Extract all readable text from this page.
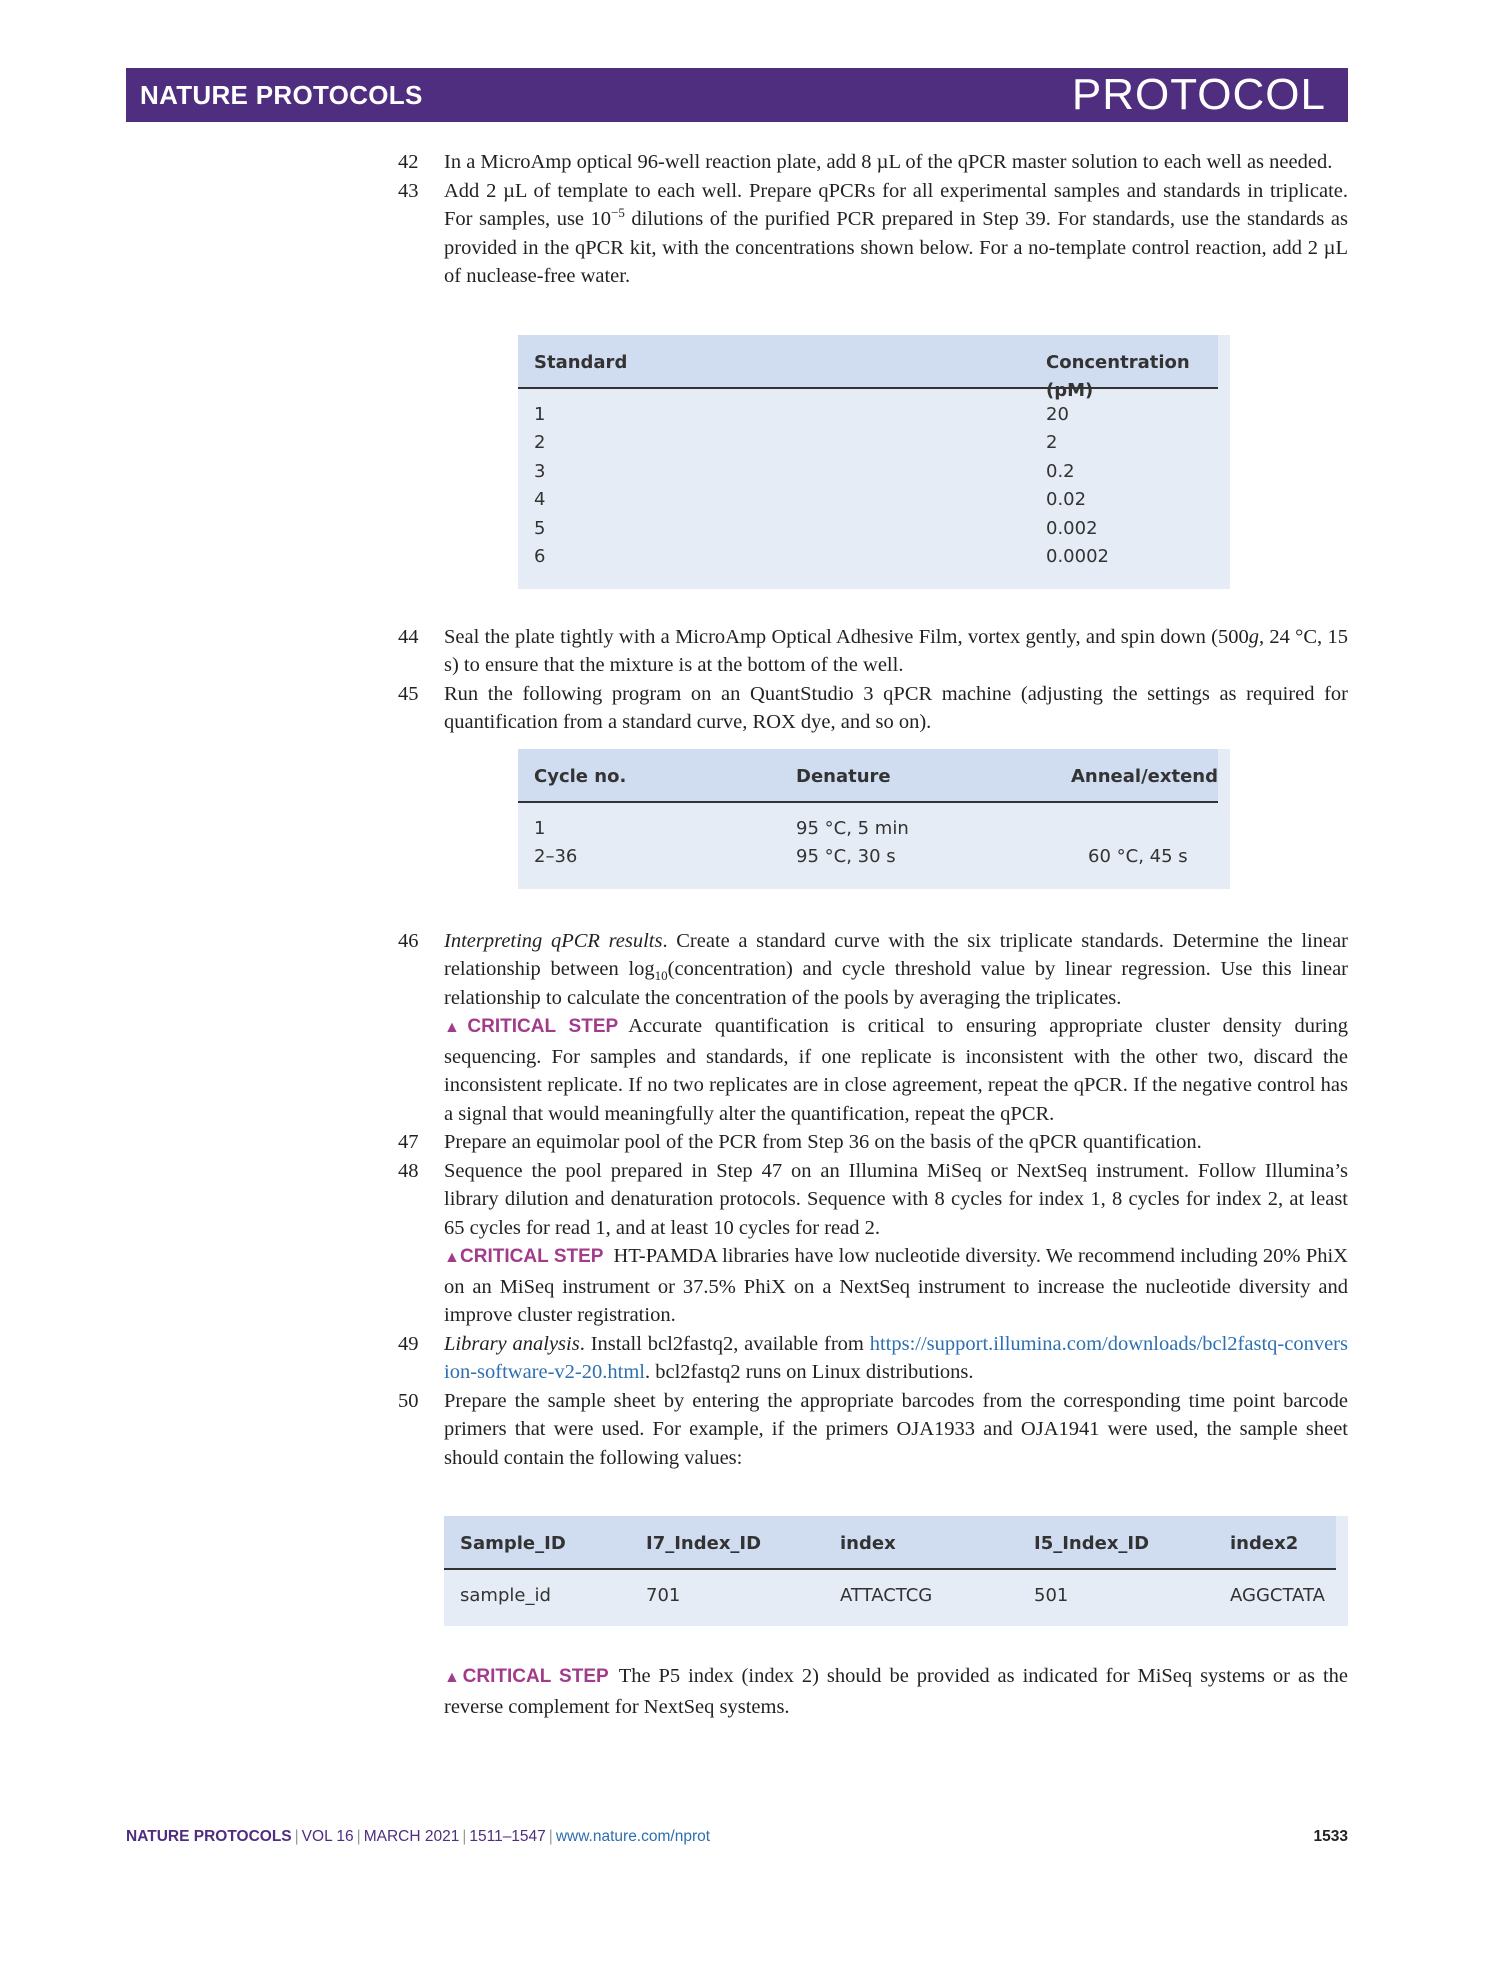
NATURE PROTOCOLS	PROTOCOL
42 In a MicroAmp optical 96-well reaction plate, add 8 µL of the qPCR master solution to each well as needed.

43 Add 2 µL of template to each well. Prepare qPCRs for all experimental samples and standards in triplicate. For samples, use $10^{-5}$ dilutions of the purified PCR prepared in Step 39. For standards, use the standards as provided in the qPCR kit, with the concentrations shown below. For a no-template control reaction, add 2 µL of nuclease-free water.

Standard	Concentration (pM)
1	20
2	2
3	0.2
4	0.02
5	0.002
6	0.0002
44 Seal the plate tightly with a MicroAmp Optical Adhesive Film, vortex gently, and spin down (500g, 24 °C, 15 s) to ensure that the mixture is at the bottom of the well.

45 Run the following program on an QuantStudio 3 qPCR machine (adjusting the settings as required for quantification from a standard curve, ROX dye, and so on).

Cycle no.	Denature	Anneal/extend
1	95 °C, 5 min
2–36	95 °C, 30 s	60 °C, 45 s
46 Interpreting qPCR results. Create a standard curve with the six triplicate standards. Determine the linear relationship between $\log_{10}(concentration)$ and cycle threshold value by linear regression. Use this linear relationship to calculate the concentration of the pools by averaging the triplicates.

▲CRITICAL STEP Accurate quantification is critical to ensuring appropriate cluster density during sequencing. For samples and standards, if one replicate is inconsistent with the other two, discard the inconsistent replicate. If no two replicates are in close agreement, repeat the qPCR. If the negative control has a signal that would meaningfully alter the quantification, repeat the qPCR.

47 Prepare an equimolar pool of the PCR from Step 36 on the basis of the qPCR quantification.

48 Sequence the pool prepared in Step 47 on an Illumina MiSeq or NextSeq instrument. Follow Illumina’s library dilution and denaturation protocols. Sequence with 8 cycles for index 1, 8 cycles for index 2, at least 65 cycles for read 1, and at least 10 cycles for read 2.

▲CRITICAL STEP HT-PAMDA libraries have low nucleotide diversity. We recommend including 20% PhiX on an MiSeq instrument or 37.5% PhiX on a NextSeq instrument to increase the nucleotide diversity and improve cluster registration.

49 Library analysis. Install bcl2fastq2, available from https://support.illumina.com/downloads/bcl2fastq-conversion-software-v2-20.html. bcl2fastq2 runs on Linux distributions.

50 Prepare the sample sheet by entering the appropriate barcodes from the corresponding time point barcode primers that were used. For example, if the primers OJA1933 and OJA1941 were used, the sample sheet should contain the following values:

Sample_ID	I7_Index_ID	index	I5_Index_ID	index2
sample_id	701	ATTACTCG	501	AGGCTATA

▲CRITICAL STEP The P5 index (index 2) should be provided as indicated for MiSeq systems or as the reverse complement for NextSeq systems.

NATURE PROTOCOLS | VOL 16 | MARCH 2021 | 1511–1547 | www.nature.com/nprot	1533
